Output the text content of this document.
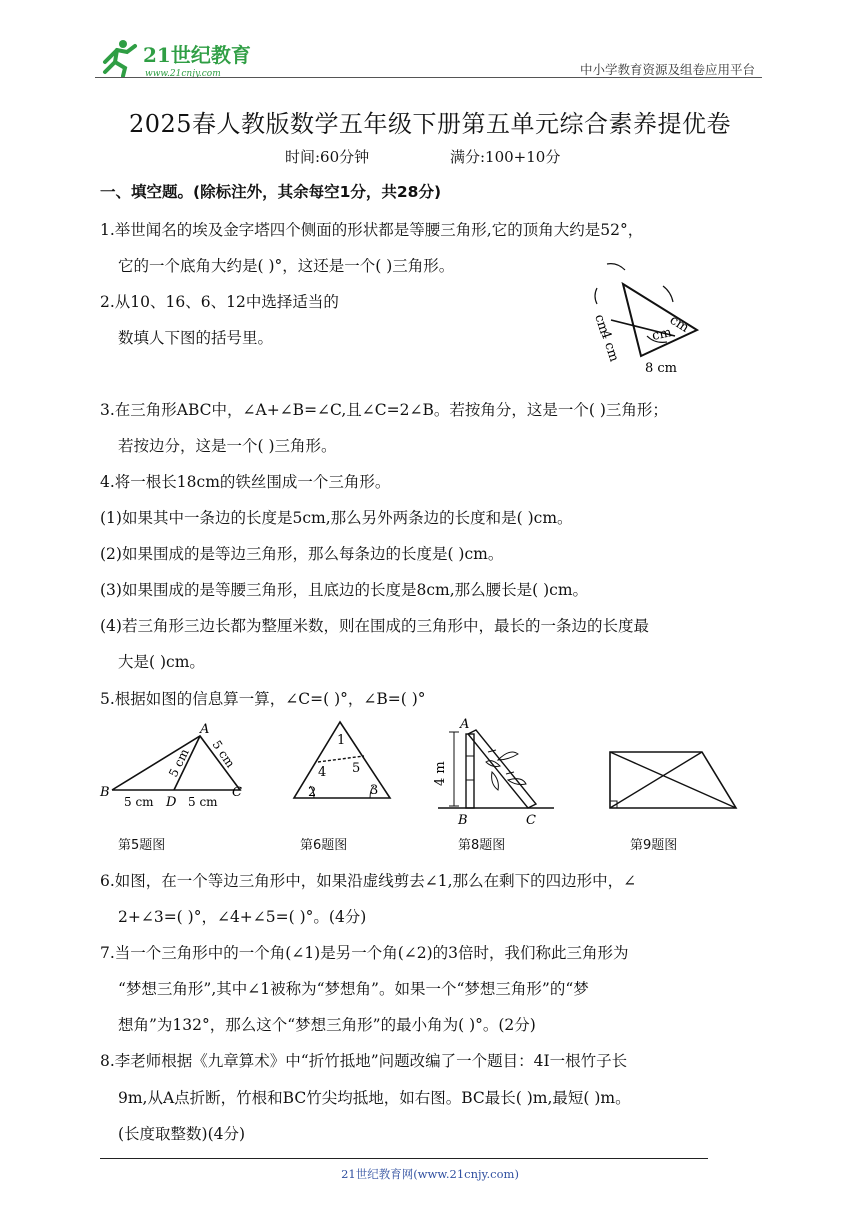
21世纪教育
www.21cnjy.com	中小学教育资源及组卷应用平台
2025春人教版数学五年级下册第五单元综合素养提优卷
时间:60分钟	满分:100+10分
一、填空题。(除标注外，其余每空1分，共28分)
1.举世闻名的埃及金字塔四个侧面的形状都是等腰三角形,它的顶角大约是52°，
它的一个底角大约是( )°，这还是一个( )三角形。
2.从10、16、6、12中选择适当的
数填人下图的括号里。
cm
4 cm
cm
cm
8 cm
3.在三角形ABC中，∠A+∠B=∠C,且∠C=2∠B。若按角分，这是一个( )三角形；
若按边分，这是一个( )三角形。
4.将一根长18cm的铁丝围成一个三角形。
(1)如果其中一条边的长度是5cm,那么另外两条边的长度和是( )cm。
(2)如果围成的是等边三角形，那么每条边的长度是( )cm。
(3)如果围成的是等腰三角形，且底边的长度是8cm,那么腰长是( )cm。
(4)若三角形三边长都为整厘米数，则在围成的三角形中，最长的一条边的长度最
大是( )cm。
5.根据如图的信息算一算，∠C=( )°，∠B=( )°
A
B	C
D
5 cm 5 cm
5 cm	5 cm
第5题图
1
2	3
4 5
第6题图
4 m
A
B	C
第8题图	第9题图
6.如图，在一个等边三角形中，如果沿虚线剪去∠1,那么在剩下的四边形中，∠
2+∠3=( )°，∠4+∠5=( )°。(4分)
7.当一个三角形中的一个角(∠1)是另一个角(∠2)的3倍时，我们称此三角形为
“梦想三角形”,其中∠1被称为“梦想角”。如果一个“梦想三角形”的“梦
想角”为132°，那么这个“梦想三角形”的最小角为( )°。(2分)
8.李老师根据《九章算术》中“折竹抵地”问题改编了一个题目：4I一根竹子长
9m,从A点折断，竹根和BC竹尖均抵地，如右图。BC最长( )m,最短( )m。
(长度取整数)(4分)
21世纪教育网(www.21cnjy.com)
